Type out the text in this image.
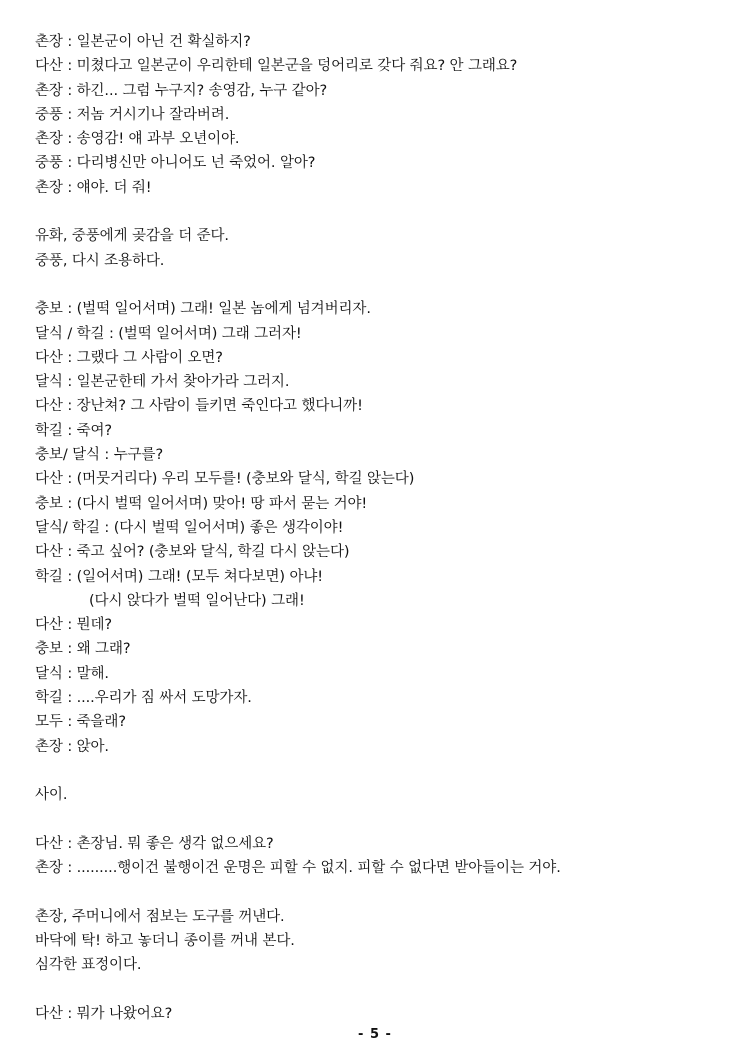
촌장 : 일본군이 아닌 건 확실하지?
다산 : 미쳤다고 일본군이 우리한테 일본군을 덩어리로 갖다 줘요? 안 그래요?
촌장 : 하긴... 그럼 누구지? 송영감, 누구 같아?
중풍 : 저놈 거시기나 잘라버려.
촌장 : 송영감! 얘 과부 오년이야.
중풍 : 다리병신만 아니어도 넌 죽었어. 알아?
촌장 : 얘야. 더 줘!
유화, 중풍에게 곶감을 더 준다.
중풍, 다시 조용하다.
충보 : (벌떡 일어서며) 그래! 일본 놈에게 넘겨버리자.
달식 / 학길 : (벌떡 일어서며) 그래 그러자!
다산 : 그랬다 그 사람이 오면?
달식 : 일본군한테 가서 찾아가라 그러지.
다산 : 장난쳐? 그 사람이 들키면 죽인다고 했다니까!
학길 : 죽여?
충보/ 달식 : 누구를?
다산 : (머뭇거리다) 우리 모두를! (충보와 달식, 학길 앉는다)
충보 : (다시 벌떡 일어서며) 맞아! 땅 파서 묻는 거야!
달식/ 학길 : (다시 벌떡 일어서며) 좋은 생각이야!
다산 : 죽고 싶어? (충보와 달식, 학길 다시 앉는다)
학길 : (일어서며) 그래! (모두 쳐다보면) 아냐!
(다시 앉다가 벌떡 일어난다) 그래!
다산 : 뭔데?
충보 : 왜 그래?
달식 : 말해.
학길 : ....우리가 짐 싸서 도망가자.
모두 : 죽을래?
촌장 : 앉아.
사이.
다산 : 촌장님. 뭐 좋은 생각 없으세요?
촌장 : .........행이건 불행이건 운명은 피할 수 없지. 피할 수 없다면 받아들이는 거야.
촌장, 주머니에서 점보는 도구를 꺼낸다.
바닥에 탁! 하고 놓더니 종이를 꺼내 본다.
심각한 표정이다.
다산 : 뭐가 나왔어요?
- 5 -
